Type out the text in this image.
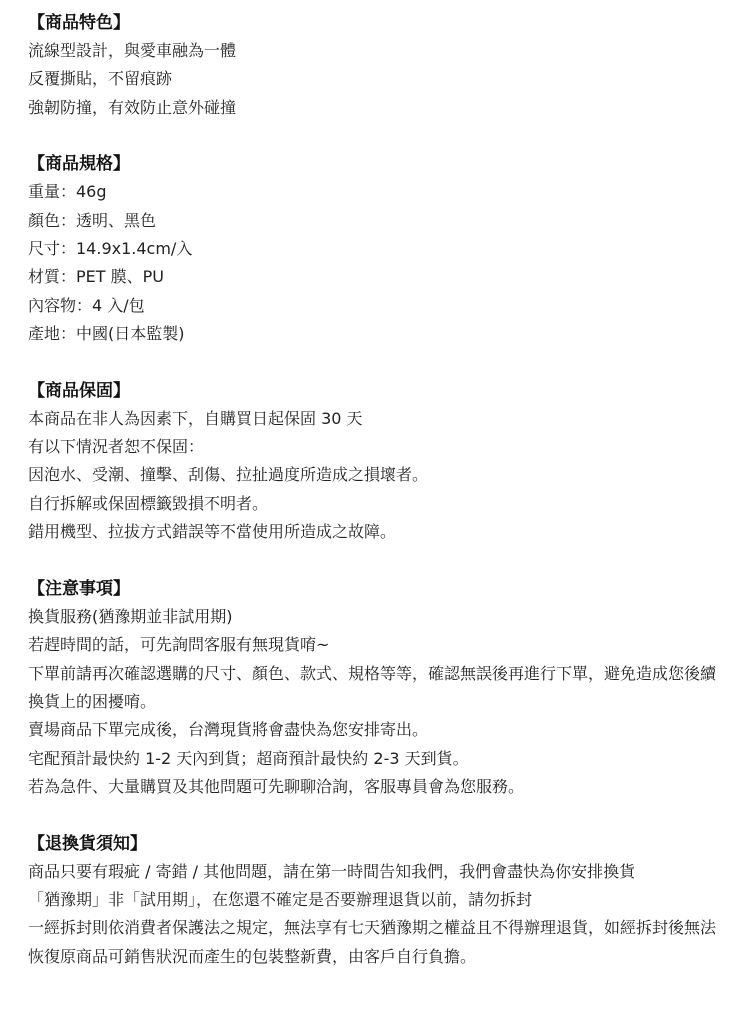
【商品特色】

流線型設計，與愛車融為一體

反覆撕貼，不留痕跡

強韌防撞，有效防止意外碰撞

【商品規格】

重量：46g

顏色：透明、黑色

尺寸：14.9x1.4cm/入

材質：PET 膜、PU

內容物：4 入/包

產地：中國(日本監製)

【商品保固】

本商品在非人為因素下，自購買日起保固 30 天

有以下情況者恕不保固：

因泡水、受潮、撞擊、刮傷、拉扯過度所造成之損壞者。

自行拆解或保固標籤毀損不明者。

錯用機型、拉拔方式錯誤等不當使用所造成之故障。

【注意事項】

換貨服務(猶豫期並非試用期)

若趕時間的話，可先詢問客服有無現貨唷~

下單前請再次確認選購的尺寸、顏色、款式、規格等等，確認無誤後再進行下單，避免造成您後續換貨上的困擾唷。

賣場商品下單完成後，台灣現貨將會盡快為您安排寄出。

宅配預計最快約 1-2 天內到貨；超商預計最快約 2-3 天到貨。

若為急件、大量購買及其他問題可先聊聊洽詢，客服專員會為您服務。

【退換貨須知】

商品只要有瑕疵 / 寄錯 / 其他問題，請在第一時間告知我們，我們會盡快為你安排換貨

「猶豫期」非「試用期」，在您還不確定是否要辦理退貨以前，請勿拆封

一經拆封則依消費者保護法之規定，無法享有七天猶豫期之權益且不得辦理退貨，如經拆封後無法恢復原商品可銷售狀況而產生的包裝整新費，由客戶自行負擔。
